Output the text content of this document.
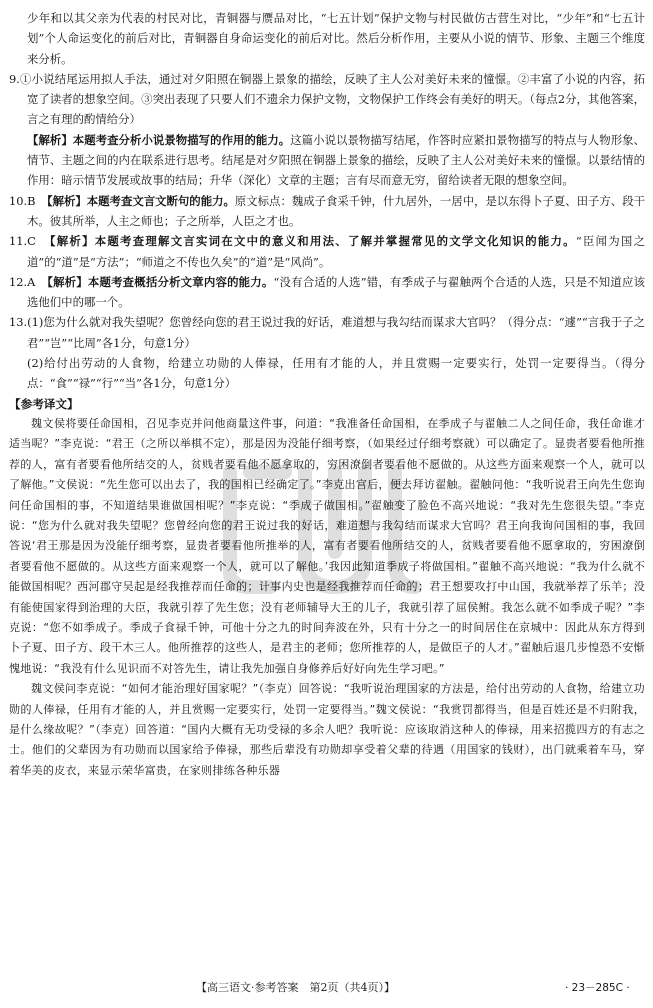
少年和以其父亲为代表的村民对比，青铜器与赝品对比，“七五计划”保护文物与村民做仿古营生对比，“少年”和“七五计划”个人命运变化的前后对比，青铜器自身命运变化的前后对比。然后分析作用，主要从小说的情节、形象、主题三个维度来分析。

9.①小说结尾运用拟人手法，通过对夕阳照在铜器上景象的描绘，反映了主人公对美好未来的憧憬。②丰富了小说的内容，拓宽了读者的想象空间。③突出表现了只要人们不遗余力保护文物，文物保护工作终会有美好的明天。（每点2分，其他答案，言之有理的酌情给分）

【解析】本题考查分析小说景物描写的作用的能力。这篇小说以景物描写结尾，作答时应紧扣景物描写的特点与人物形象、情节、主题之间的内在联系进行思考。结尾是对夕阳照在铜器上景象的描绘，反映了主人公对美好未来的憧憬。以景结情的作用：暗示情节发展或故事的结局；升华（深化）文章的主题；言有尽而意无穷，留给读者无限的想象空间。

10.B　 【解析】本题考查文言文断句的能力。原文标点：魏成子食采千钟，什九居外，一居中，是以东得卜子夏、田子方、段干木。彼其所举，人主之师也；子之所举，人臣之才也。

11.C　 【解析】本题考查理解文言实词在文中的意义和用法、了解并掌握常见的文学文化知识的能力。“臣闻为国之道”的“道”是“方法”；“师道之不传也久矣”的“道”是“风尚”。

12.A　 【解析】本题考查概括分析文章内容的能力。“没有合适的人选”错，有季成子与翟触两个合适的人选，只是不知道应该选他们中的哪一个。

13.(1)您为什么就对我失望呢？您曾经向您的君王说过我的好话，难道想与我勾结而谋求大官吗？（得分点：“遽”“言我于子之君”“岂”“比周”各1分，句意1分）

(2)给付出劳动的人食物，给建立功勋的人俸禄，任用有才能的人，并且赏赐一定要实行，处罚一定要得当。（得分点：“食”“禄”“行”“当”各1分，句意1分）

【参考译文】

魏文侯将要任命国相，召见李克并问他商量这件事，问道：“我准备任命国相，在季成子与翟触二人之间任命，我任命谁才适当呢？”李克说：“君王（之所以举棋不定），那是因为没能仔细考察，（如果经过仔细考察就）可以确定了。显贵者要看他所推荐的人，富有者要看他所结交的人，贫贱者要看他不愿拿取的，穷困潦倒者要看他不愿做的。从这些方面来观察一个人，就可以了解他。”文侯说：“先生您可以出去了，我的国相已经确定了。”李克出宫后，便去拜访翟触。翟触问他：“我听说君王向先生您询问任命国相的事，不知道结果谁做国相呢？”李克说：“季成子做国相。”翟触变了脸色不高兴地说：“我对先生您很失望。”李克说：“您为什么就对我失望呢？您曾经向您的君王说过我的好话，难道想与我勾结而谋求大官吗？君王向我询问国相的事，我回答说‘君王那是因为没能仔细考察，显贵者要看他所推举的人，富有者要看他所结交的人，贫贱者要看他不愿拿取的，穷困潦倒者要看他不愿做的。从这些方面来观察一个人，就可以了解他。’我因此知道季成子将做国相。”翟触不高兴地说：“我为什么就不能做国相呢？西河郡守吴起是经我推荐而任命的；计事内史也是经我推荐而任命的；君王想要攻打中山国，我就举荐了乐羊；没有能使国家得到治理的大臣，我就引荐了先生您；没有老师辅导大王的儿子，我就引荐了屈侯鲋。我怎么就不如季成子呢？”李克说：“您不如季成子。季成子食禄千钟，可他十分之九的时间奔波在外，只有十分之一的时间居住在京城中：因此从东方得到卜子夏、田子方、段干木三人。他所推荐的这些人，是君主的老师；您所推荐的人，是做臣子的人才。”翟触后退几步惶恐不安惭愧地说：“我没有什么见识而不对答先生，请让我先加强自身修养后好好向先生学习吧。”

魏文侯问李克说：“如何才能治理好国家呢？”（李克）回答说：“我听说治理国家的方法是，给付出劳动的人食物，给建立功勋的人俸禄，任用有才能的人，并且赏赐一定要实行，处罚一定要得当。”魏文侯说：“我赏罚都得当，但是百姓还是不归附我，是什么缘故呢？”（李克）回答道：“国内大概有无功受禄的多余人吧？我听说：应该取消这种人的俸禄，用来招揽四方的有志之士。他们的父辈因为有功勋而以国家给予俸禄，那些后辈没有功勋却享受着父辈的待遇（用国家的钱财），出门就乘着车马，穿着华美的皮衣，来显示荣华富贵，在家则排练各种乐器

【高三语文·参考答案　第2页（共4页）】	· 23－285C ·
